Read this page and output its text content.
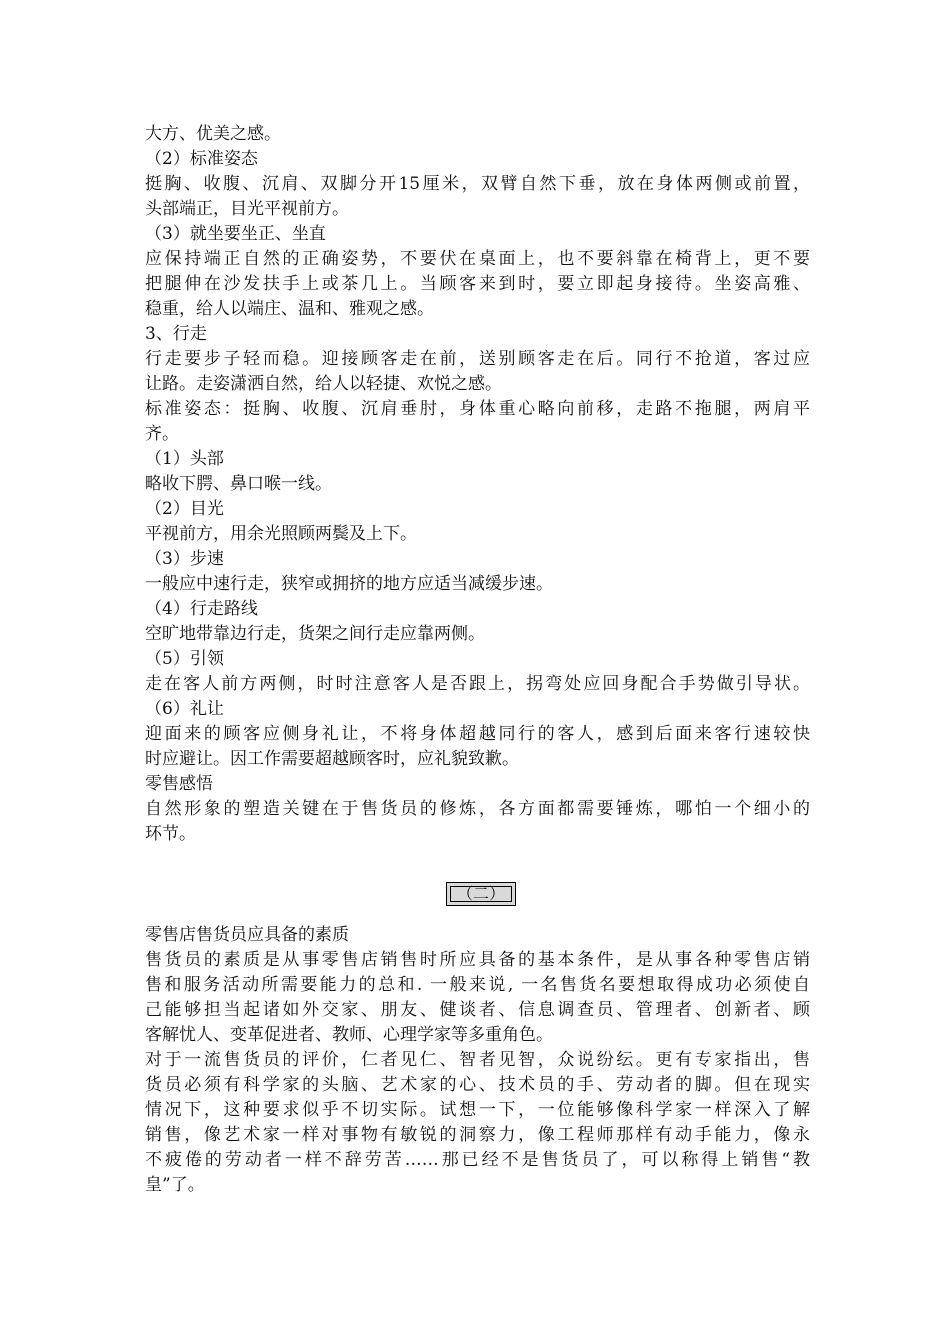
大方、优美之感。
（2）标准姿态
挺胸、收腹、沉肩、双脚分开15厘米，双臂自然下垂，放在身体两侧或前置，
头部端正，目光平视前方。
（3）就坐要坐正、坐直
应保持端正自然的正确姿势，不要伏在桌面上，也不要斜靠在椅背上，更不要
把腿伸在沙发扶手上或茶几上。当顾客来到时，要立即起身接待。坐姿高雅、
稳重，给人以端庄、温和、雅观之感。
3、行走
行走要步子轻而稳。迎接顾客走在前，送别顾客走在后。同行不抢道，客过应
让路。走姿潇洒自然，给人以轻捷、欢悦之感。
标准姿态：挺胸、收腹、沉肩垂肘，身体重心略向前移，走路不拖腿，两肩平
齐。
（1）头部
略收下腭、鼻口喉一线。
（2）目光
平视前方，用余光照顾两鬓及上下。
（3）步速
一般应中速行走，狭窄或拥挤的地方应适当减缓步速。
（4）行走路线
空旷地带靠边行走，货架之间行走应靠两侧。
（5）引领
走在客人前方两侧，时时注意客人是否跟上，拐弯处应回身配合手势做引导状。
（6）礼让
迎面来的顾客应侧身礼让，不将身体超越同行的客人，感到后面来客行速较快
时应避让。因工作需要超越顾客时，应礼貌致歉。
零售感悟
自然形象的塑造关键在于售货员的修炼，各方面都需要锤炼，哪怕一个细小的
环节。
（二）
零售店售货员应具备的素质
售货员的素质是从事零售店销售时所应具备的基本条件，是从事各种零售店销
售和服务活动所需要能力的总和. 一般来说, 一名售货名要想取得成功必须使自
己能够担当起诸如外交家、朋友、健谈者、信息调查员、管理者、创新者、顾
客解忧人、变革促进者、教师、心理学家等多重角色。
对于一流售货员的评价，仁者见仁、智者见智，众说纷纭。更有专家指出，售
货员必须有科学家的头脑、艺术家的心、技术员的手、劳动者的脚。但在现实
情况下，这种要求似乎不切实际。试想一下，一位能够像科学家一样深入了解
销售，像艺术家一样对事物有敏锐的洞察力，像工程师那样有动手能力，像永
不疲倦的劳动者一样不辞劳苦……那已经不是售货员了，可以称得上销售“教
皇”了。
